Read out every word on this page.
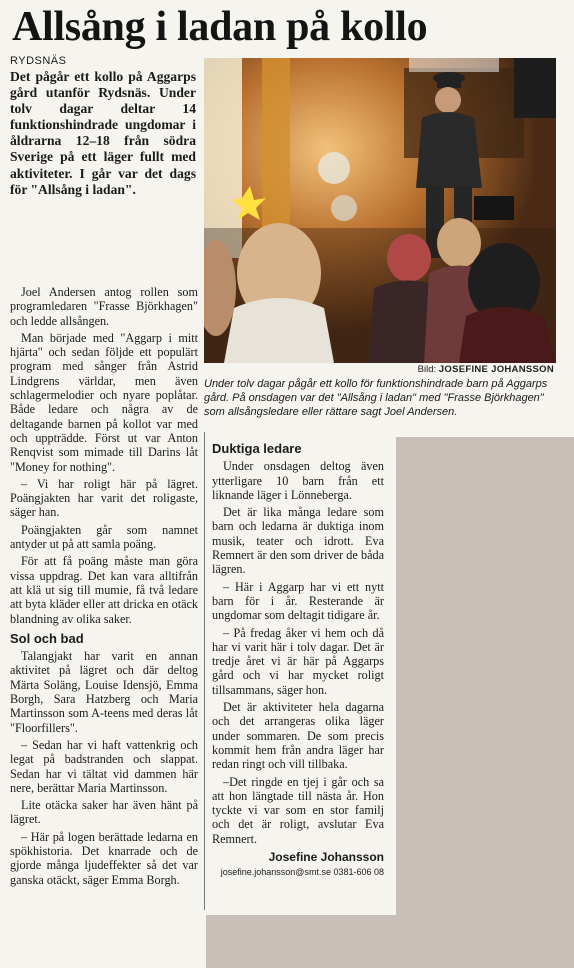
Allsång i ladan på kollo
RYDSNÄS
Det pågår ett kollo på Aggarps gård utanför Rydsnäs. Under tolv dagar deltar 14 funktionshindrade ungdomar i åldrarna 12–18 från södra Sverige på ett läger fullt med aktiviteter. I går var det dags för "Allsång i ladan".
Bild: JOSEFINE JOHANSSON
Under tolv dagar pågår ett kollo för funktionshindrade barn på Aggarps gård. På onsdagen var det "Allsång i ladan" med "Frasse Björkhagen" som allsångsledare eller rättare sagt Joel Andersen.

Joel Andersen antog rollen som programledaren "Frasse Björkhagen" och ledde allsången.

Man började med "Aggarp i mitt hjärta" och sedan följde ett populärt program med sånger från Astrid Lindgrens världar, men även schlagermelodier och nyare poplåtar. Både ledare och några av de deltagande barnen på kollot var med och uppträdde. Först ut var Anton Renqvist som mimade till Darins låt "Money for nothing".

– Vi har roligt här på lägret. Poängjakten har varit det roligaste, säger han.

Poängjakten går som namnet antyder ut på att samla poäng.

För att få poäng måste man göra vissa uppdrag. Det kan vara alltifrån att klä ut sig till mumie, få två ledare att byta kläder eller att dricka en otäck blandning av olika saker.

Sol och bad

Talangjakt har varit en annan aktivitet på lägret och där deltog Märta Soläng, Louise Idensjö, Emma Borgh, Sara Hatzberg och Maria Martinsson som A-teens med deras låt "Floorfillers".

– Sedan har vi haft vattenkrig och legat på badstranden och slappat. Sedan har vi tältat vid dammen här nere, berättar Maria Martinsson.

Lite otäcka saker har även hänt på lägret.

– Här på logen berättade ledarna en spökhistoria. Det knarrade och de gjorde många ljudeffekter så det var ganska otäckt, säger Emma Borgh.

Duktiga ledare

Under onsdagen deltog även ytterligare 10 barn från ett liknande läger i Lönneberga.

Det är lika många ledare som barn och ledarna är duktiga inom musik, teater och idrott. Eva Remnert är den som driver de båda lägren.

– Här i Aggarp har vi ett nytt barn för i år. Resterande är ungdomar som deltagit tidigare år.

– På fredag åker vi hem och då har vi varit här i tolv dagar. Det är tredje året vi är här på Aggarps gård och vi har mycket roligt tillsammans, säger hon.

Det är aktiviteter hela dagarna och det arrangeras olika läger under sommaren. De som precis kommit hem från andra läger har redan ringt och vill tillbaka.

–Det ringde en tjej i går och sa att hon längtade till nästa år. Hon tyckte vi var som en stor familj och det är roligt, avslutar Eva Remnert.

Josefine Johansson
josefine.johansson@smt.se 0381-606 08
